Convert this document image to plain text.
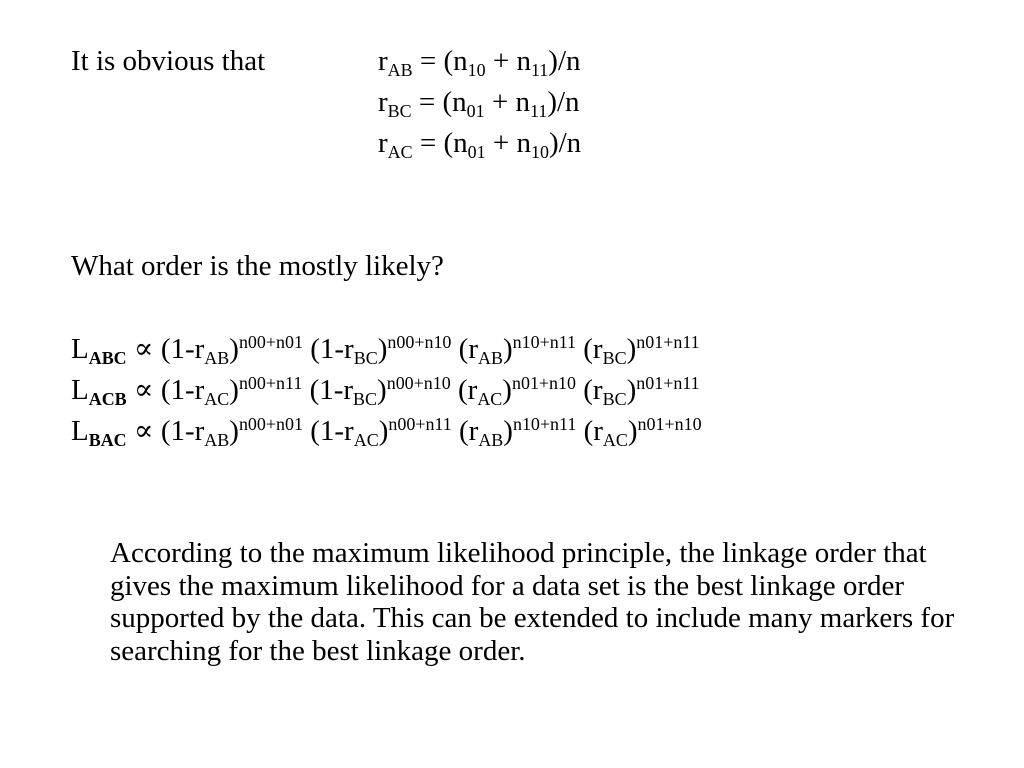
It is obvious that	$r_{AB} = (n_{10} + n_{11})/n$
$r_{BC} = (n_{01} + n_{11})/n$
$r_{AC} = (n_{01} + n_{10})/n$
What order is the mostly likely?
$L_{ABC} \propto (1-r_{AB})^{n00+n01}$ $(1-r_{BC})^{n00+n10}$ $(r_{AB})^{n10+n11}$ $(r_{BC})^{n01+n11}$
$L_{ACB} \propto (1-r_{AC})^{n00+n11}$ $(1-r_{BC})^{n00+n10}$ $(r_{AC})^{n01+n10}$ $(r_{BC})^{n01+n11}$
$L_{BAC} \propto (1-r_{AB})^{n00+n01}$ $(1-r_{AC})^{n00+n11}$ $(r_{AB})^{n10+n11}$ $(r_{AC})^{n01+n10}$
According to the maximum likelihood principle, the linkage order that gives the maximum likelihood for a data set is the best linkage order supported by the data. This can be extended to include many markers for searching for the best linkage order.
